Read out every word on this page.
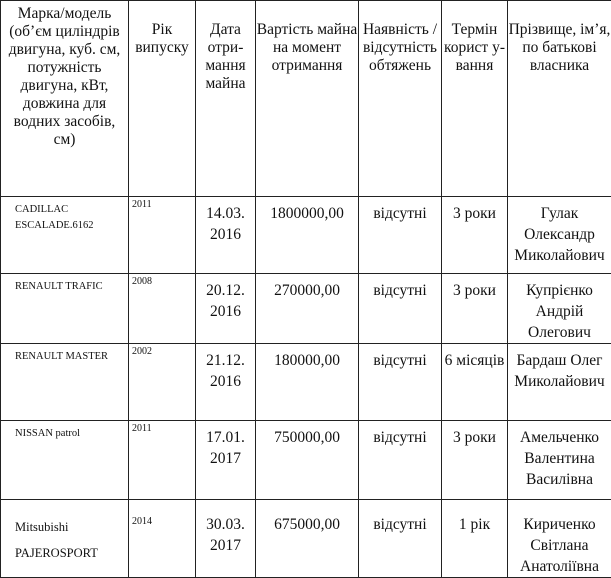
Марка/модель (об’єм циліндрів двигуна, куб. см, потужність двигуна, кВт, довжина для водних засобів, см)	Рік випуску	Дата отри-мання майна	Вартість майна на момент отримання	Наявність / відсутність обтяжень	Термін корист у-вання	Прізвище, ім’я, по батькові власника

CADILLAC
ESCALADE.6162	2011	14.03. 2016	1800000,00	відсутні	3 роки	Гулак Олександр Миколайович

RENAULT TRAFIC	2008	20.12. 2016	270000,00	відсутні	3 роки	Купрієнко Андрій Олегович

RENAULT MASTER	2002	21.12. 2016	180000,00	відсутні	6 місяців	Бардаш Олег Миколайович

NISSAN patrol	2011	17.01. 2017	750000,00	відсутні	3 роки	Амельченко Валентина Василівна

Mitsubishi
PAJEROSPORT	2014	30.03. 2017	675000,00	відсутні	1 рік	Кириченко Світлана Анатоліївна
